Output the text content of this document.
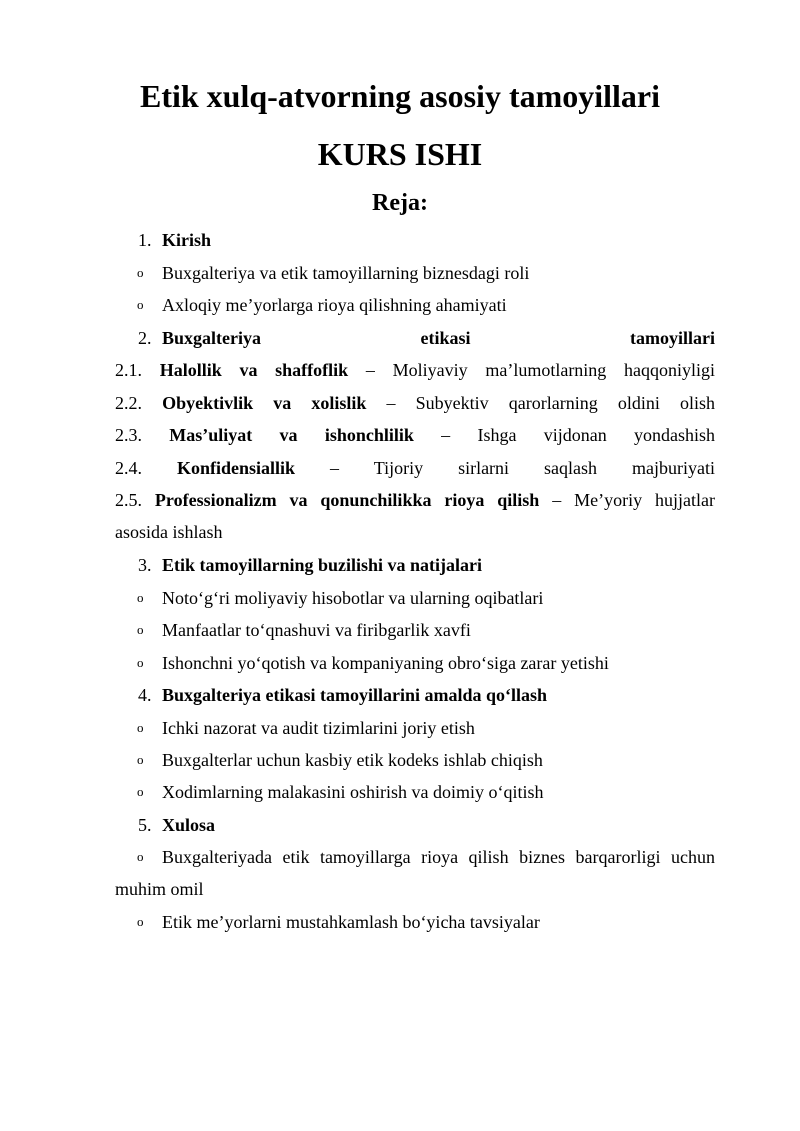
Etik xulq-atvorning asosiy tamoyillari
KURS ISHI
Reja:
1. Kirish
o Buxgalteriya va etik tamoyillarning biznesdagi roli
o Axloqiy me’yorlarga rioya qilishning ahamiyati
2. Buxgalteriya	etikasi	tamoyillari
2.1. Halollik va shaffoflik – Moliyaviy ma’lumotlarning haqqoniyligi
2.2. Obyektivlik va xolislik – Subyektiv qarorlarning oldini olish
2.3. Mas’uliyat va ishonchlilik – Ishga vijdonan yondashish
2.4. Konfidensiallik – Tijoriy sirlarni saqlash majburiyati
2.5. Professionalizm va qonunchilikka rioya qilish – Me’yoriy hujjatlar
asosida ishlash
3. Etik tamoyillarning buzilishi va natijalari
o Noto‘g‘ri moliyaviy hisobotlar va ularning oqibatlari
o Manfaatlar to‘qnashuvi va firibgarlik xavfi
o Ishonchni yo‘qotish va kompaniyaning obro‘siga zarar yetishi
4. Buxgalteriya etikasi tamoyillarini amalda qo‘llash
o Ichki nazorat va audit tizimlarini joriy etish
o Buxgalterlar uchun kasbiy etik kodeks ishlab chiqish
o Xodimlarning malakasini oshirish va doimiy o‘qitish
5. Xulosa
o Buxgalteriyada etik tamoyillarga rioya qilish biznes barqarorligi uchun
muhim omil
o Etik me’yorlarni mustahkamlash bo‘yicha tavsiyalar
